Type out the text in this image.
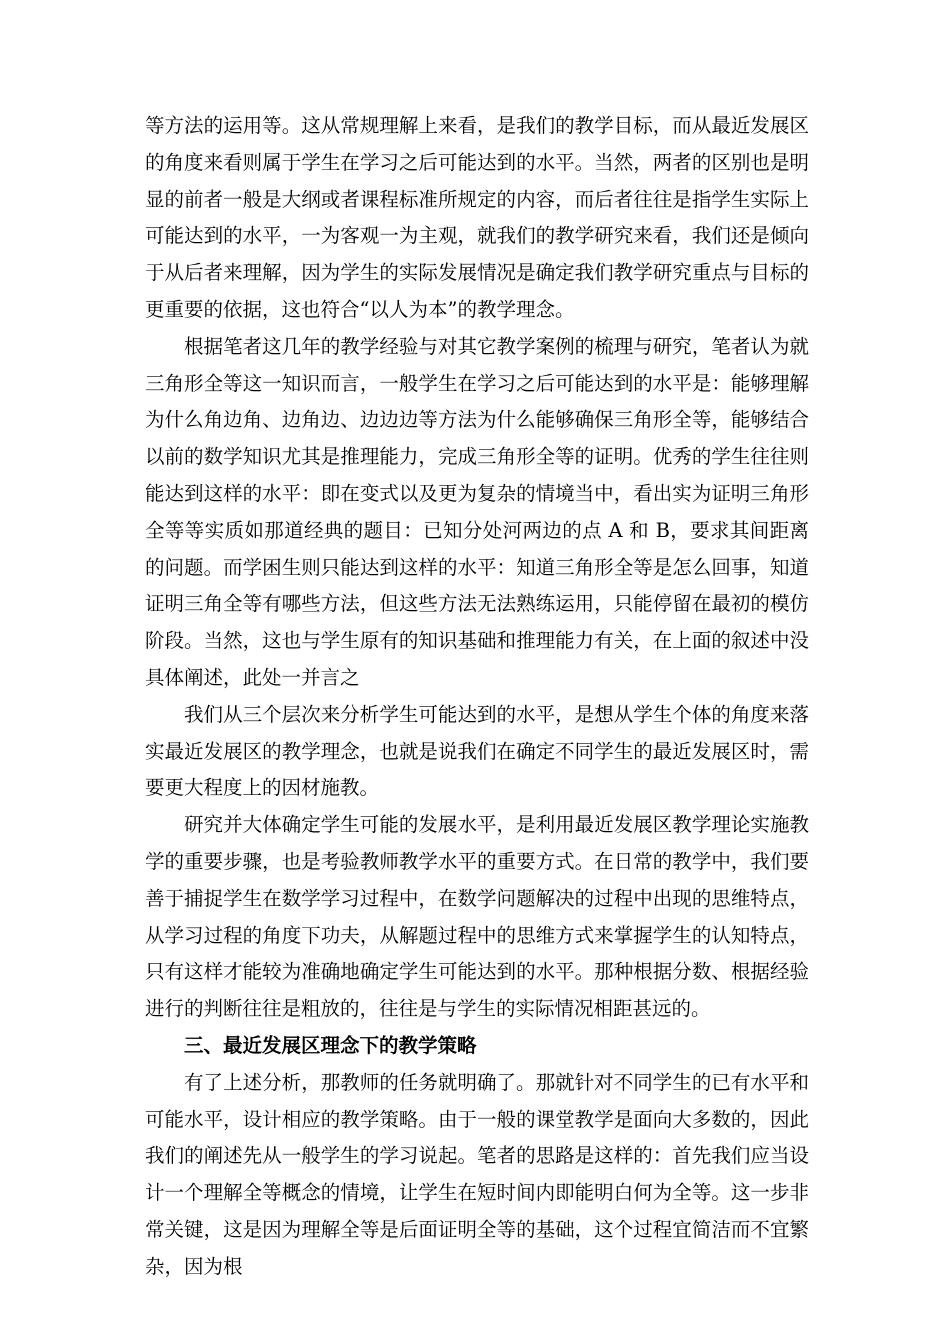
等方法的运用等。这从常规理解上来看，是我们的教学目标，而从最近发展区的角度来看则属于学生在学习之后可能达到的水平。当然，两者的区别也是明显的前者一般是大纲或者课程标准所规定的内容，而后者往往是指学生实际上可能达到的水平，一为客观一为主观，就我们的教学研究来看，我们还是倾向于从后者来理解，因为学生的实际发展情况是确定我们教学研究重点与目标的更重要的依据，这也符合“以人为本”的教学理念。

根据笔者这几年的教学经验与对其它教学案例的梳理与研究，笔者认为就三角形全等这一知识而言，一般学生在学习之后可能达到的水平是：能够理解为什么角边角、边角边、边边边等方法为什么能够确保三角形全等，能够结合以前的数学知识尤其是推理能力，完成三角形全等的证明。优秀的学生往往则能达到这样的水平：即在变式以及更为复杂的情境当中，看出实为证明三角形全等等实质如那道经典的题目：已知分处河两边的点 A 和 B，要求其间距离的问题。而学困生则只能达到这样的水平：知道三角形全等是怎么回事，知道证明三角全等有哪些方法，但这些方法无法熟练运用，只能停留在最初的模仿阶段。当然，这也与学生原有的知识基础和推理能力有关，在上面的叙述中没具体阐述，此处一并言之

我们从三个层次来分析学生可能达到的水平，是想从学生个体的角度来落实最近发展区的教学理念，也就是说我们在确定不同学生的最近发展区时，需要更大程度上的因材施教。

研究并大体确定学生可能的发展水平，是利用最近发展区教学理论实施教学的重要步骤，也是考验教师教学水平的重要方式。在日常的教学中，我们要善于捕捉学生在数学学习过程中，在数学问题解决的过程中出现的思维特点，从学习过程的角度下功夫，从解题过程中的思维方式来掌握学生的认知特点，只有这样才能较为准确地确定学生可能达到的水平。那种根据分数、根据经验进行的判断往往是粗放的，往往是与学生的实际情况相距甚远的。

三、最近发展区理念下的教学策略

有了上述分析，那教师的任务就明确了。那就针对不同学生的已有水平和可能水平，设计相应的教学策略。由于一般的课堂教学是面向大多数的，因此我们的阐述先从一般学生的学习说起。笔者的思路是这样的：首先我们应当设计一个理解全等概念的情境，让学生在短时间内即能明白何为全等。这一步非常关键，这是因为理解全等是后面证明全等的基础，这个过程宜简洁而不宜繁杂，因为根
